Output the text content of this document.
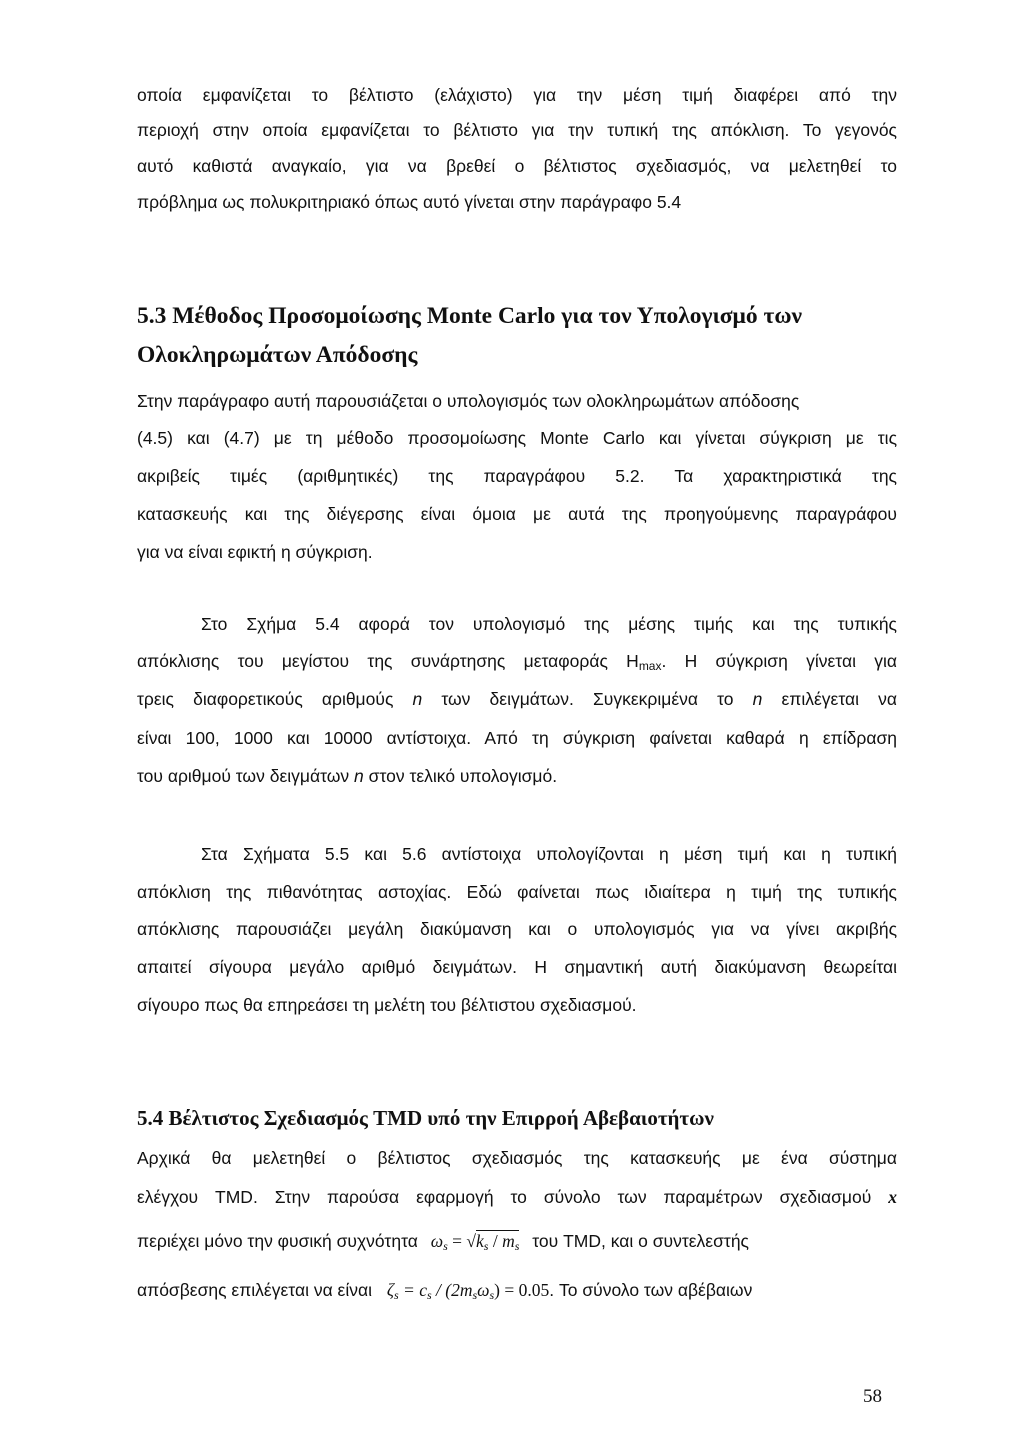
οποία εμφανίζεται το βέλτιστο (ελάχιστο) για την μέση τιμή διαφέρει από την
περιοχή στην οποία εμφανίζεται το βέλτιστο για την τυπική της απόκλιση. Το γεγονός
αυτό καθιστά αναγκαίο, για να βρεθεί ο βέλτιστος σχεδιασμός, να μελετηθεί το
πρόβλημα ως πολυκριτηριακό όπως αυτό γίνεται στην παράγραφο 5.4
5.3 Μέθοδος Προσομοίωσης Monte Carlo για τον Υπολογισμό των
Ολοκληρωμάτων Απόδοσης
Στην παράγραφο αυτή παρουσιάζεται ο υπολογισμός των ολοκληρωμάτων απόδοσης
(4.5) και (4.7) με τη μέθοδο προσομοίωσης Monte Carlo και γίνεται σύγκριση με τις
ακριβείς τιμές (αριθμητικές) της παραγράφου 5.2. Τα χαρακτηριστικά της
κατασκευής και της διέγερσης είναι όμοια με αυτά της προηγούμενης παραγράφου
για να είναι εφικτή η σύγκριση.
Στο Σχήμα 5.4 αφορά τον υπολογισμό της μέσης τιμής και της τυπικής
απόκλισης του μεγίστου της συνάρτησης μεταφοράς $H_{max}$. Η σύγκριση γίνεται για
τρεις διαφορετικούς αριθμούς n των δειγμάτων. Συγκεκριμένα το n επιλέγεται να
είναι 100, 1000 και 10000 αντίστοιχα. Από τη σύγκριση φαίνεται καθαρά η επίδραση
του αριθμού των δειγμάτων n στον τελικό υπολογισμό.
Στα Σχήματα 5.5 και 5.6 αντίστοιχα υπολογίζονται η μέση τιμή και η τυπική
απόκλιση της πιθανότητας αστοχίας. Εδώ φαίνεται πως ιδιαίτερα η τιμή της τυπικής
απόκλισης παρουσιάζει μεγάλη διακύμανση και ο υπολογισμός για να γίνει ακριβής
απαιτεί σίγουρα μεγάλο αριθμό δειγμάτων. Η σημαντική αυτή διακύμανση θεωρείται
σίγουρο πως θα επηρεάσει τη μελέτη του βέλτιστου σχεδιασμού.
5.4 Βέλτιστος Σχεδιασμός TMD υπό την Επιρροή Αβεβαιοτήτων
Αρχικά θα μελετηθεί ο βέλτιστος σχεδιασμός της κατασκευής με ένα σύστημα
ελέγχου TMD. Στην παρούσα εφαρμογή το σύνολο των παραμέτρων σχεδιασμού x
περιέχει μόνο την φυσική συχνότητα $\omega_s = √k_s / m_s$ του TMD, και ο συντελεστής
απόσβεσης επιλέγεται να είναι $\zeta_s = c_s / (2m_s\omega_s) = 0.05$. Το σύνολο των αβέβαιων
58
